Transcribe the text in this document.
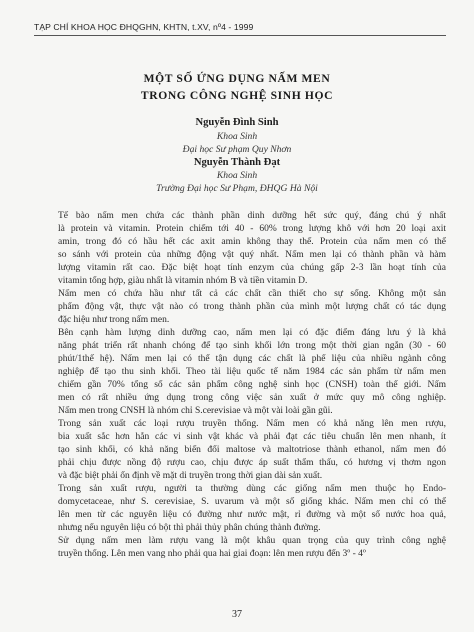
TẠP CHÍ KHOA HỌC ĐHQGHN, KHTN, t.XV, nº4 - 1999
MỘT SỐ ỨNG DỤNG NẤM MEN
TRONG CÔNG NGHỆ SINH HỌC
Nguyễn Đình Sinh
Khoa Sinh
Đại học Sư phạm Quy Nhơn
Nguyễn Thành Đạt
Khoa Sinh
Trường Đại học Sư Phạm, ĐHQG Hà Nội
Tế bào nấm men chứa các thành phần dinh dưỡng hết sức quý, đáng chú ý nhất
là protein và vitamin. Protein chiếm tới 40 - 60% trong lượng khô với hơn 20 loại axit
amin, trong đó có hầu hết các axit amin không thay thế. Protein của nấm men có thể
so sánh với protein của những động vật quý nhất. Nấm men lại có thành phần và hàm
lượng vitamin rất cao. Đặc biệt hoạt tính enzym của chúng gấp 2-3 lần hoạt tính của
vitamin tổng hợp, giàu nhất là vitamin nhóm B và tiền vitamin D.
Nấm men có chứa hầu như tất cả các chất cần thiết cho sự sống. Không một sản
phẩm động vật, thực vật nào có trong thành phần của mình một lượng chất có tác dụng
đặc hiệu như trong nấm men.
Bên cạnh hàm lượng dinh dưỡng cao, nấm men lại có đặc điểm đáng lưu ý là khả
năng phát triển rất nhanh chóng để tạo sinh khối lớn trong một thời gian ngắn (30 - 60
phút/1thế hệ). Nấm men lại có thể tận dụng các chất là phế liệu của nhiều ngành công
nghiệp để tạo thu sinh khối. Theo tài liệu quốc tế năm 1984 các sản phẩm từ nấm men
chiếm gần 70% tổng số các sản phẩm công nghệ sinh học (CNSH) toàn thế giới. Nấm
men có rất nhiều ứng dụng trong công việc sản xuất ở mức quy mô công nghiệp.
Nấm men trong CNSH là nhóm chỉ S.cerevisiae và một vài loài gần gũi.
Trong sản xuất các loại rượu truyền thống. Nấm men có khả năng lên men rượu,
bia xuất sắc hơn hẳn các vi sinh vật khác và phải đạt các tiêu chuẩn lên men nhanh, ít
tạo sinh khối, có khả năng biến đổi maltose và maltotriose thành ethanol, nấm men đó
phải chịu được nồng độ rượu cao, chịu được áp suất thẩm thấu, có hương vị thơm ngon
và đặc biệt phải ổn định về mặt di truyền trong thời gian dài sản xuất.
Trong sản xuất rượu, người ta thường dùng các giống nấm men thuộc họ Endo-
domycetaceae, như S. cerevisiae, S. uvarum và một số giống khác. Nấm men chỉ có thể
lên men từ các nguyên liệu có đường như nước mật, rỉ đường và một số nước hoa quả,
nhưng nếu nguyên liệu có bột thì phải thủy phân chúng thành đường.
Sử dụng nấm men làm rượu vang là một khâu quan trọng của quy trình công nghệ
truyền thống. Lên men vang nho phải qua hai giai đoạn: lên men rượu đến 3º - 4º
37
